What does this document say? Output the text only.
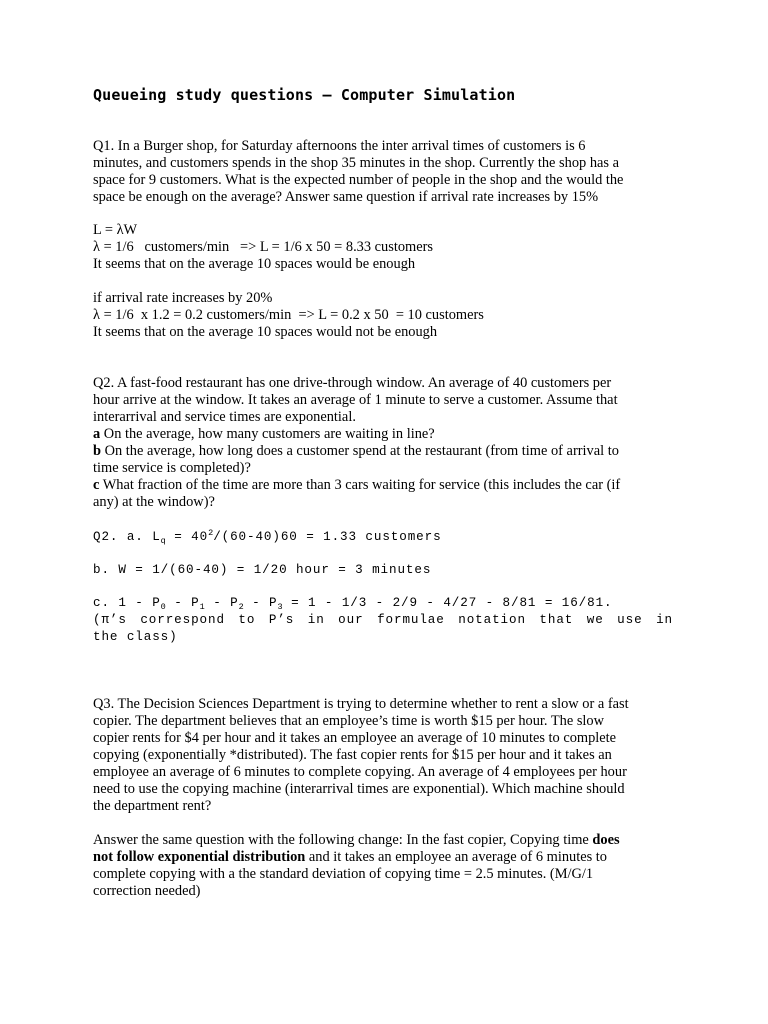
Queueing study questions – Computer Simulation
Q1. In a Burger shop, for Saturday afternoons the inter arrival times of customers is 6
minutes, and customers spends in the shop 35 minutes in the shop. Currently the shop has a
space for 9 customers. What is the expected number of people in the shop and the would the
space be enough on the average? Answer same question if arrival rate increases by 15%
L = λW
λ = 1/6   customers/min   => L = 1/6 x 50 = 8.33 customers
It seems that on the average 10 spaces would be enough
if arrival rate increases by 20%
λ = 1/6  x 1.2 = 0.2 customers/min  => L = 0.2 x 50  = 10 customers
It seems that on the average 10 spaces would not be enough
Q2. A fast-food restaurant has one drive-through window. An average of 40 customers per
hour arrive at the window. It takes an average of 1 minute to serve a customer. Assume that
interarrival and service times are exponential.
a On the average, how many customers are waiting in line?
b On the average, how long does a customer spend at the restaurant (from time of arrival to
time service is completed)?
c What fraction of the time are more than 3 cars waiting for service (this includes the car (if
any) at the window)?
Q2. a. $L_q = 40^2/(60-40)60 = 1.33$ customers
b. W = 1/(60-40) = 1/20 hour = 3 minutes
c. $1 - P_0 - P_1 - P_2 - P_3 = 1 - 1/3 - 2/9 - 4/27 - 8/81 = 16/81$.
(π’s correspond to P’s in our formulae notation that we use in
the class)
Q3. The Decision Sciences Department is trying to determine whether to rent a slow or a fast
copier. The department believes that an employee’s time is worth $15 per hour. The slow
copier rents for $4 per hour and it takes an employee an average of 10 minutes to complete
copying (exponentially *distributed). The fast copier rents for $15 per hour and it takes an
employee an average of 6 minutes to complete copying. An average of 4 employees per hour
need to use the copying machine (interarrival times are exponential). Which machine should
the department rent?
Answer the same question with the following change: In the fast copier, Copying time does
not follow exponential distribution and it takes an employee an average of 6 minutes to
complete copying with a the standard deviation of copying time = 2.5 minutes. (M/G/1
correction needed)
